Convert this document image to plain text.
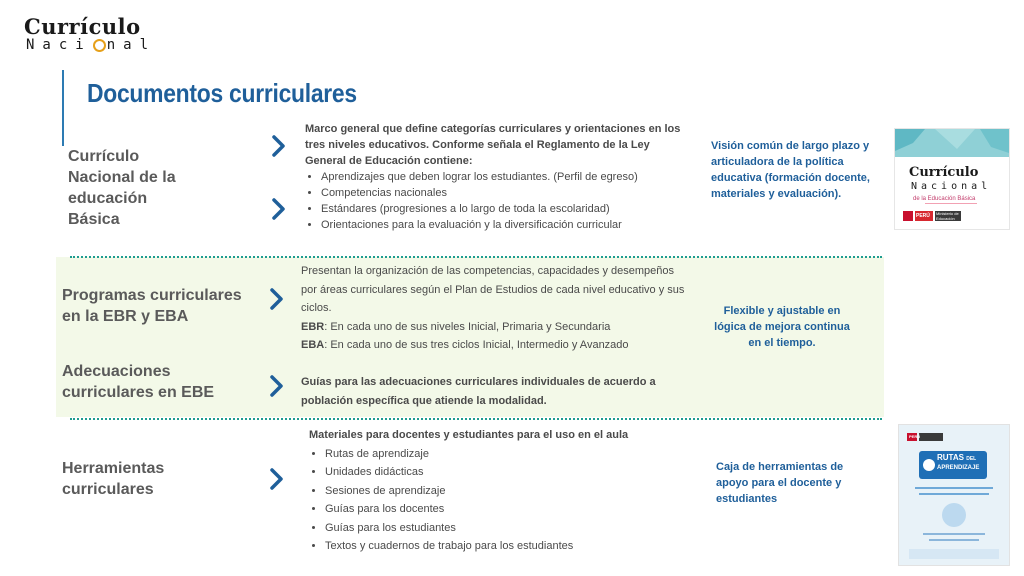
Currículo
Naci nal
Documentos curriculares
Currículo
Nacional de la
educación
Básica
Marco general que define categorías curriculares y orientaciones en los tres niveles educativos. Conforme señala el Reglamento de la Ley General de Educación contiene:
• Aprendizajes que deben lograr los estudiantes. (Perfil de egreso)
• Competencias nacionales
• Estándares (progresiones a lo largo de toda la escolaridad)
• Orientaciones para la evaluación y la diversificación curricular
Visión común de largo plazo y articuladora de la política educativa (formación docente, materiales y evaluación).
Currículo
Nacional
de la Educación Básica
PERÚ Ministerio de Educación
Programas curriculares
en la EBR y EBA
Presentan la organización de las competencias, capacidades y desempeños por áreas curriculares según el Plan de Estudios de cada nivel educativo y sus ciclos.
EBR: En cada uno de sus niveles Inicial, Primaria y Secundaria
EBA: En cada uno de sus tres ciclos Inicial, Intermedio y Avanzado
Flexible y ajustable en lógica de mejora continua en el tiempo.
Adecuaciones
curriculares en EBE
Guías para las adecuaciones curriculares individuales de acuerdo a población específica que atiende la modalidad.
Herramientas
curriculares
Materiales para docentes y estudiantes para el uso en el aula
• Rutas de aprendizaje
• Unidades didácticas
• Sesiones de aprendizaje
• Guías para los docentes
• Guías para los estudiantes
• Textos y cuadernos de trabajo para los estudiantes
Caja de herramientas de apoyo para el docente y estudiantes
PERÚ
RUTAS DEL
APRENDIZAJE
